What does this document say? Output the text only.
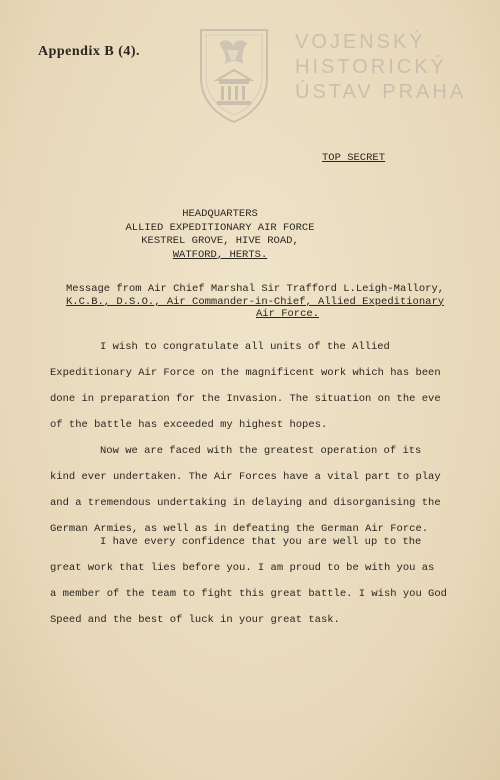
Appendix B (4).	VOJENSKÝ
HISTORICKÝ
ÚSTAV PRAHA
TOP SECRET
HEADQUARTERS
ALLIED EXPEDITIONARY AIR FORCE
KESTREL GROVE, HIVE ROAD,
WATFORD, HERTS.
Message from Air Chief Marshal Sir Trafford L.Leigh-Mallory,
K.C.B., D.S.O., Air Commander-in-Chief, Allied Expeditionary
Air Force.
I wish to congratulate all units of the Allied
Expeditionary Air Force on the magnificent work which has been
done in preparation for the Invasion. The situation on the eve
of the battle has exceeded my highest hopes.
Now we are faced with the greatest operation of its
kind ever undertaken. The Air Forces have a vital part to play
and a tremendous undertaking in delaying and disorganising the
German Armies, as well as in defeating the German Air Force.
I have every confidence that you are well up to the
great work that lies before you. I am proud to be with you as
a member of the team to fight this great battle. I wish you God
Speed and the best of luck in your great task.
